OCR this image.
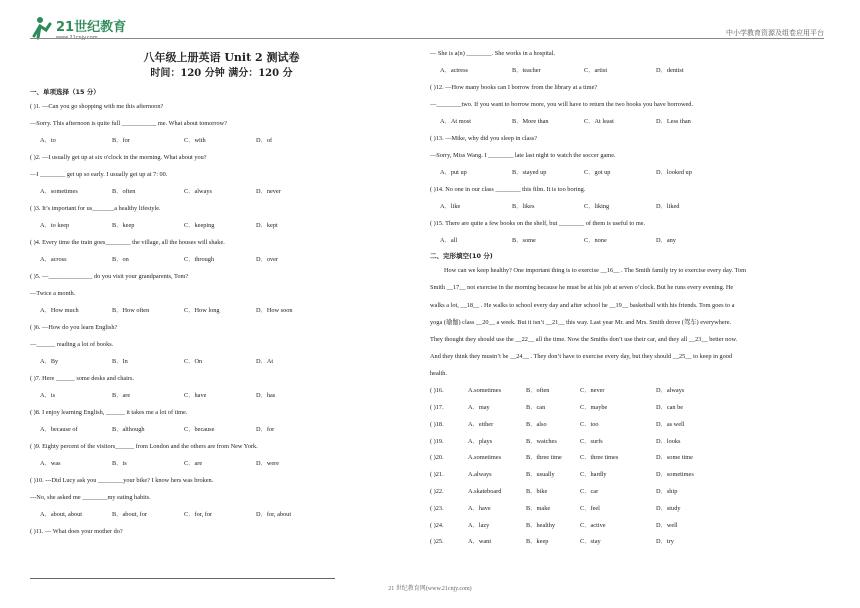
21世纪教育
www.21cnjy.com
中小学教育资源及组卷应用平台
八年级上册英语 Unit 2 测试卷
时间：120 分钟 满分：120 分
一、单项选择（15 分）
( )1. —Can you go shopping with me this afternoon?
—Sorry. This afternoon is quite full ___________ me. What about tomorrow?
A．to	B．for	C．with	D．of
( )2. —I usually get up at six o'clock in the morning. What about you?
—I ________ get up so early. I usually get up at 7: 00.
A．sometimes	B．often	C．always	D．never
( )3. It’s important for us_______a healthy lifestyle.
A．to keep	B．keep	C．keeping	D．kept
( )4. Every time the train goes________ the village, all the houses will shake.
A．across	B．on	C．through	D．over
( )5. —______________ do you visit your grandparents, Tom?
—Twice a month.
A．How much	B．How often	C．How long	D．How soon
( )6. —How do you learn English?
—______ reading a lot of books.
A．By	B．In	C．On	D．At
( )7. Here ______ some desks and chairs.
A．is	B．are	C．have	D．has
( )8. I enjoy learning English, ______ it takes me a lot of time.
A．because of	B．although	C．because	D．for
( )9. Eighty percent of the visitors______ from London and the others are from New York.
A．was	B．is	C．are	D．were
( )10. ---Did Lucy ask you ________your bike? I know hers was broken.
---No, she asked me ________my eating habits.
A．about, about	B．about, for	C．for, for	D．for, about
( )11. — What does your mother do?
— She is a(n) ________. She works in a hospital.
A．actress	B．teacher	C．artist	D．dentist
( )12. —How many books can I borrow from the library at a time?
—________two. If you want to borrow more, you will have to return the two books you have borrowed.
A．At most	B．More than	C．At least	D．Less than
( )13. —Mike, why did you sleep in class?
—Sorry, Miss Wang. I ________ late last night to watch the soccer game.
A．put up	B．stayed up	C．got up	D．looked up
( )14. No one in our class ________ this film. It is too boring.
A．like	B．likes	C．liking	D．liked
( )15. There are quite a few books on the shelf, but ________ of them is useful to me.
A．all	B．some	C．none	D．any
二、完形填空(10 分)
How can we keep healthy? One important thing is to exercise __16__ . The Smith family try to exercise every day. Tom
Smith __17__ not exercise in the morning because he must be at his job at seven o’clock. But he runs every evening. He
walks a lot, __18__ . He walks to school every day and after school he __19__ basketball with his friends. Tom goes to a
yoga (瑜伽) class __20__ a week. But it isn’t __21__ this way. Last year Mr. and Mrs. Smith drove (驾车) everywhere.
They thought they should use the __22__ all the time. Now the Smiths don’t use their car, and they all __23__ better now.
And they think they mustn’t be __24__ . They don’t have to exercise every day, but they should __25__ to keep in good
health.
( )16.	A.sometimes	B．often	C．never	D．always
( )17.	A．may	B．can	C．maybe	D．can be
( )18.	A．either	B．also	C．too	D．as well
( )19.	A．plays	B．watches	C．surfs	D．looks
( )20.	A.sometimes	B．three time	C．three times	D．some time
( )21.	A.always	B．usually	C．hardly	D．sometimes
( )22.	A.skateboard	B．bike	C．car	D．ship
( )23.	A．have	B．make	C．feel	D．study
( )24.	A．lazy	B．healthy	C．active	D．well
( )25.	A．want	B．keep	C．stay	D．try
21 世纪教育网(www.21cnjy.com)
